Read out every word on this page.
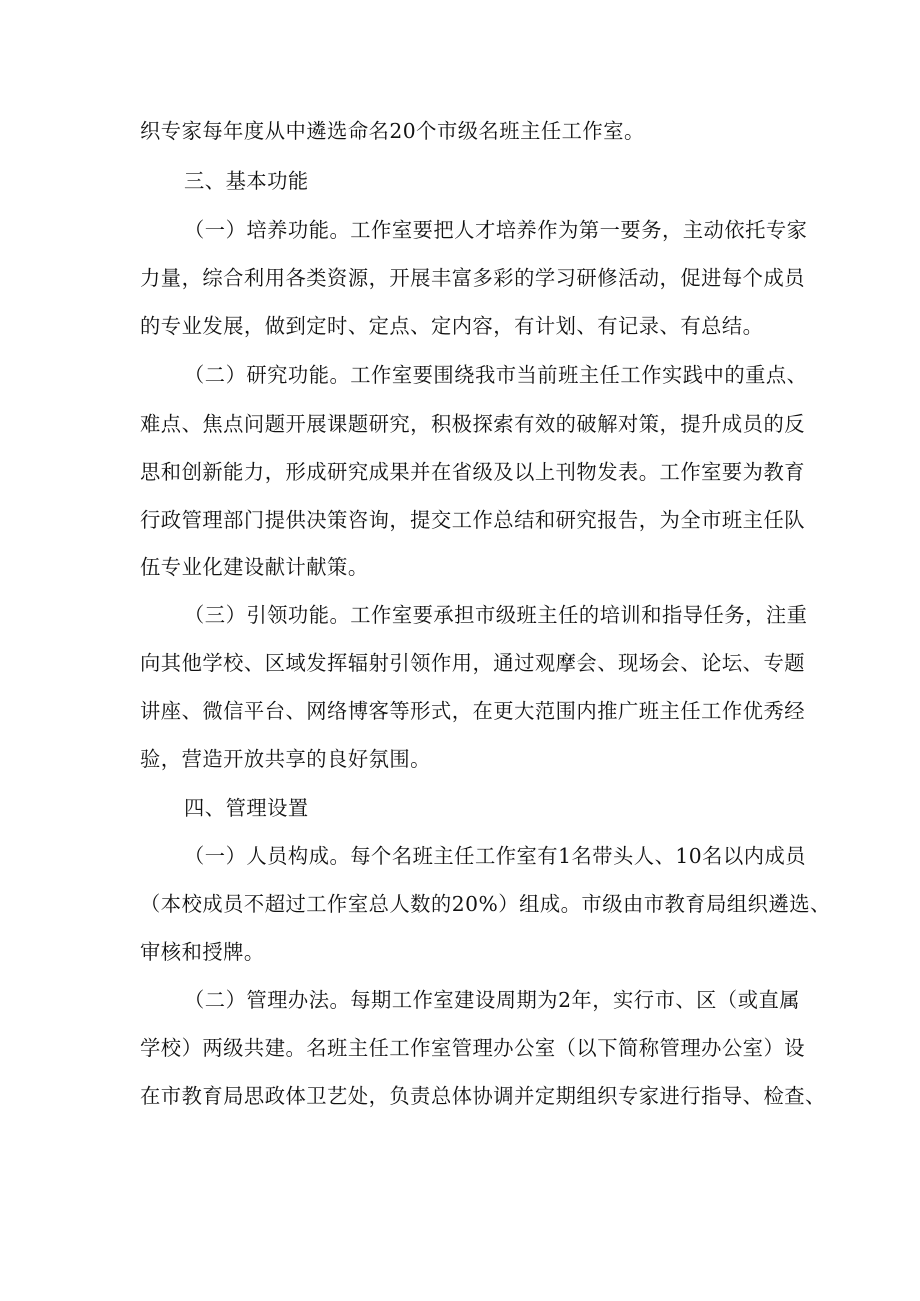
织专家每年度从中遴选命名20个市级名班主任工作室。
三、基本功能
（一）培养功能。工作室要把人才培养作为第一要务，主动依托专家
力量，综合利用各类资源，开展丰富多彩的学习研修活动，促进每个成员
的专业发展，做到定时、定点、定内容，有计划、有记录、有总结。
（二）研究功能。工作室要围绕我市当前班主任工作实践中的重点、
难点、焦点问题开展课题研究，积极探索有效的破解对策，提升成员的反
思和创新能力，形成研究成果并在省级及以上刊物发表。工作室要为教育
行政管理部门提供决策咨询，提交工作总结和研究报告，为全市班主任队
伍专业化建设献计献策。
（三）引领功能。工作室要承担市级班主任的培训和指导任务，注重
向其他学校、区域发挥辐射引领作用，通过观摩会、现场会、论坛、专题
讲座、微信平台、网络博客等形式，在更大范围内推广班主任工作优秀经
验，营造开放共享的良好氛围。
四、管理设置
（一）人员构成。每个名班主任工作室有1名带头人、10名以内成员
（本校成员不超过工作室总人数的20%）组成。市级由市教育局组织遴选、
审核和授牌。
（二）管理办法。每期工作室建设周期为2年，实行市、区（或直属
学校）两级共建。名班主任工作室管理办公室（以下简称管理办公室）设
在市教育局思政体卫艺处，负责总体协调并定期组织专家进行指导、检查、
